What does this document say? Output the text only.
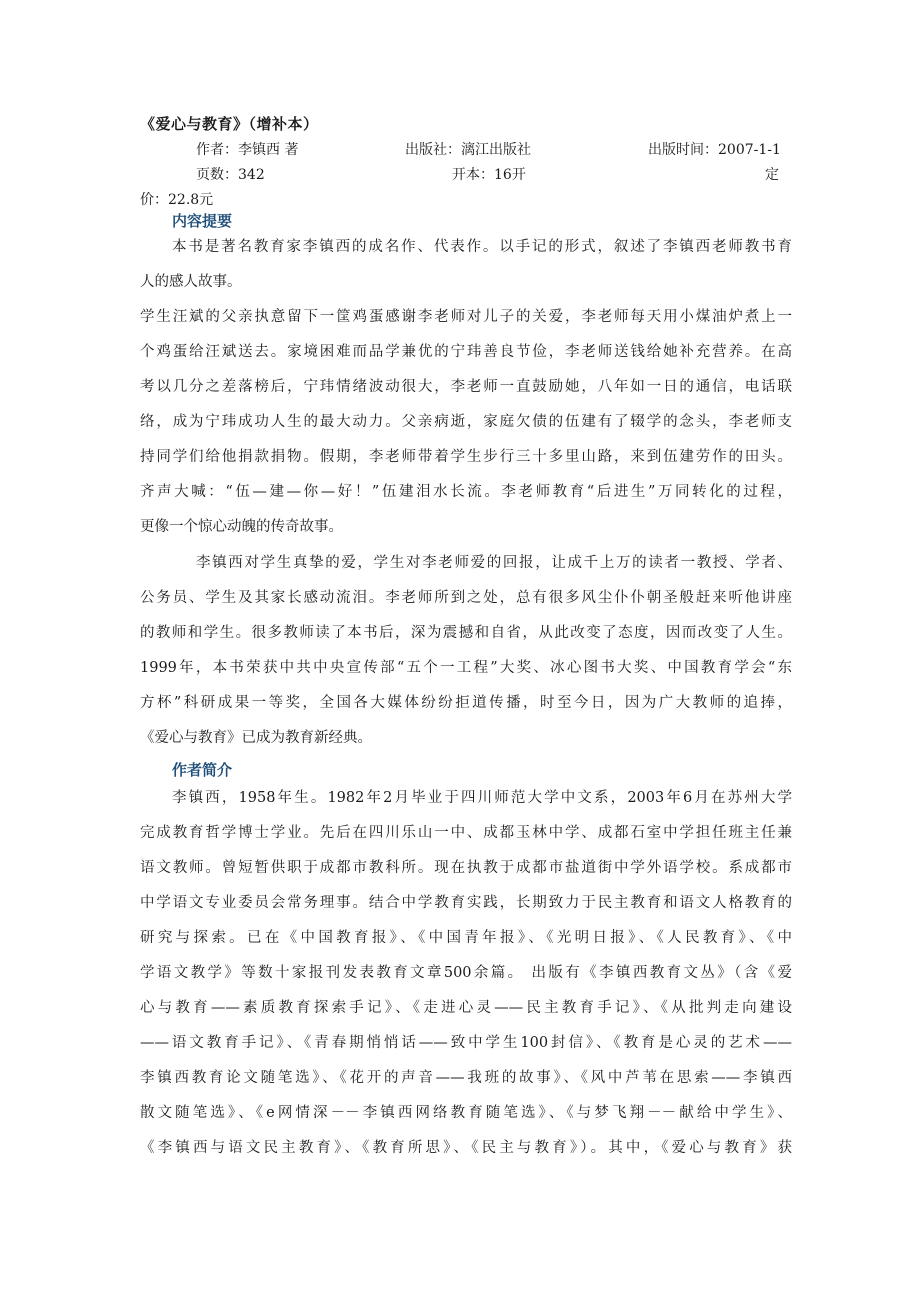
《爱心与教育》（增补本）
作者：李镇西 著	出版社：漓江出版社	出版时间：2007-1-1
页数：342	开本：16开	定
价：22.8元
内容提要
本书是著名教育家李镇西的成名作、代表作。以手记的形式，叙述了李镇西老师教书育
人的感人故事。
学生汪斌的父亲执意留下一筐鸡蛋感谢李老师对儿子的关爱，李老师每天用小煤油炉煮上一
个鸡蛋给汪斌送去。家境困难而品学兼优的宁玮善良节俭，李老师送钱给她补充营养。在高
考以几分之差落榜后，宁玮情绪波动很大，李老师一直鼓励她，八年如一日的通信，电话联
络，成为宁玮成功人生的最大动力。父亲病逝，家庭欠债的伍建有了辍学的念头，李老师支
持同学们给他捐款捐物。假期，李老师带着学生步行三十多里山路，来到伍建劳作的田头。
齐声大喊：“伍—建—你—好！”伍建泪水长流。李老师教育“后进生”万同转化的过程，
更像一个惊心动魄的传奇故事。
李镇西对学生真挚的爱，学生对李老师爱的回报，让成千上万的读者一教授、学者、
公务员、学生及其家长感动流泪。李老师所到之处，总有很多风尘仆仆朝圣般赶来听他讲座
的教师和学生。很多教师读了本书后，深为震撼和自省，从此改变了态度，因而改变了人生。
1999年，本书荣获中共中央宣传部“五个一工程”大奖、冰心图书大奖、中国教育学会“东
方杯”科研成果一等奖，全国各大媒体纷纷拒道传播，时至今日，因为广大教师的追捧，
《爱心与教育》已成为教育新经典。
作者简介
李镇西，1958年生。1982年2月毕业于四川师范大学中文系，2003年6月在苏州大学
完成教育哲学博士学业。先后在四川乐山一中、成都玉林中学、成都石室中学担任班主任兼
语文教师。曾短暂供职于成都市教科所。现在执教于成都市盐道街中学外语学校。系成都市
中学语文专业委员会常务理事。结合中学教育实践，长期致力于民主教育和语文人格教育的
研究与探索。已在《中国教育报》、《中国青年报》、《光明日报》、《人民教育》、《中
学语文教学》等数十家报刊发表教育文章500余篇。 出版有《李镇西教育文丛》（含《爱
心与教育——素质教育探索手记》、《走进心灵——民主教育手记》、《从批判走向建设
——语文教育手记》、《青春期悄悄话——致中学生100封信》、《教育是心灵的艺术——
李镇西教育论文随笔选》、《花开的声音——我班的故事》、《风中芦苇在思索——李镇西
散文随笔选》、《e网情深－－李镇西网络教育随笔选》、《与梦飞翔－－献给中学生》、
《李镇西与语文民主教育》、《教育所思》、《民主与教育》）。其中，《爱心与教育》获
